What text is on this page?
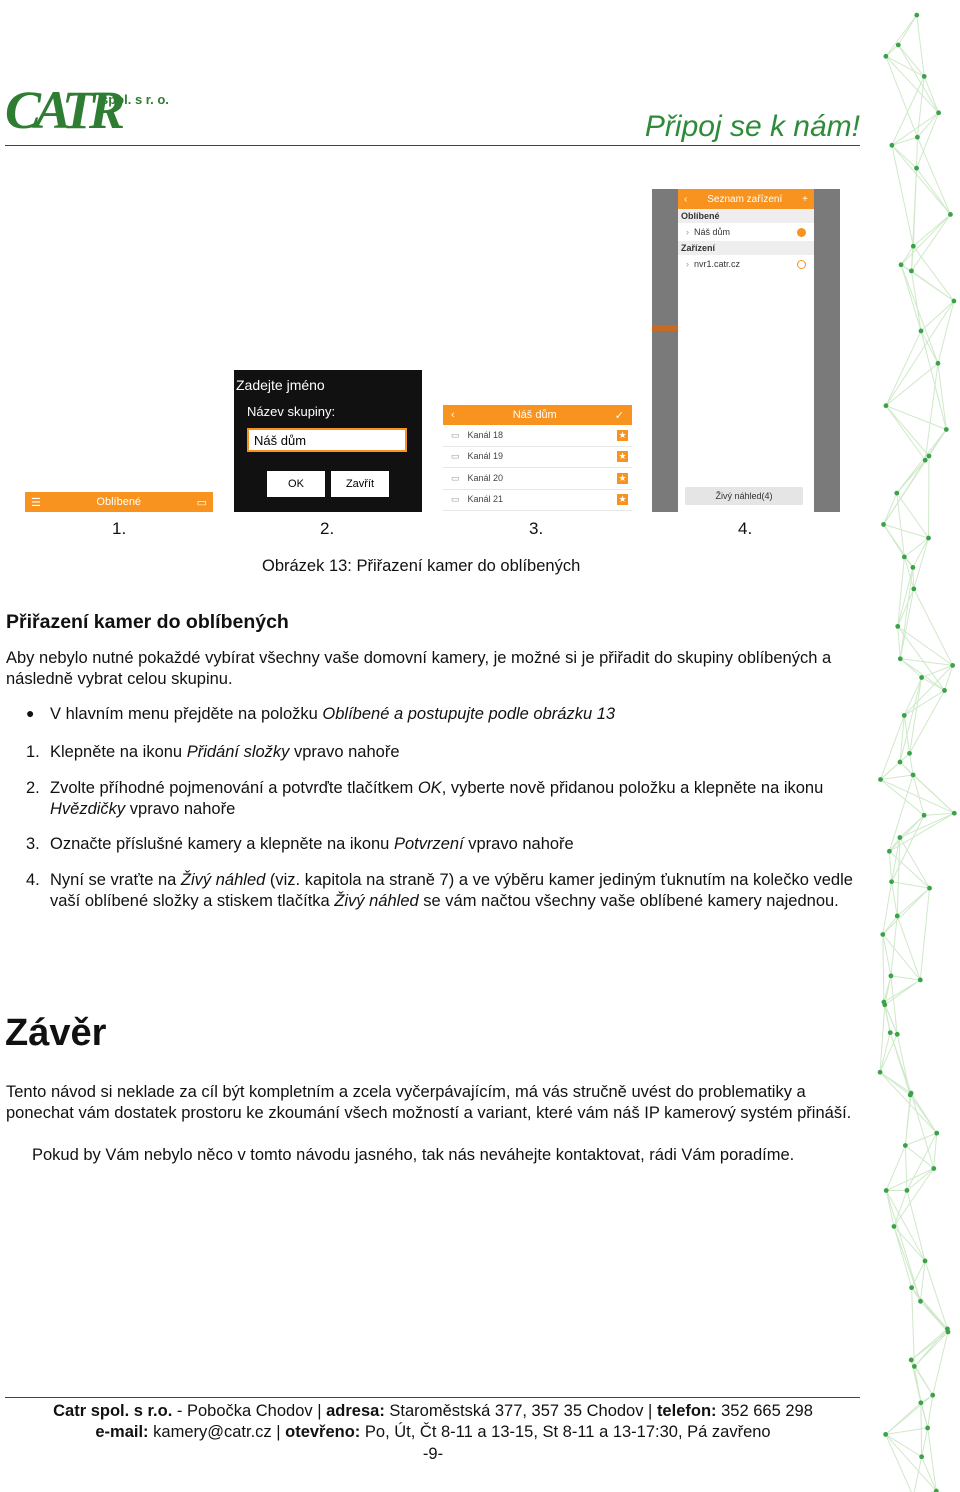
CATR
spol. s r. o.
Připoj se k nám!
☰	Oblíbené	▭
Zadejte jméno
Název skupiny:
Náš dům
OK	Zavřít
‹	Náš dům	✓
▭ Kanál 18	★
▭ Kanál 19	★
▭ Kanál 20	★
▭ Kanál 21	★
‹ Seznam zařízení +
Oblíbené
› Náš dům
Zařízení
› nvr1.catr.cz
Živý náhled(4)
1.	2.	3.	4.
Obrázek 13: Přiřazení kamer do oblíbených
Přiřazení kamer do oblíbených
Aby nebylo nutné pokaždé vybírat všechny vaše domovní kamery, je možné si je přiřadit do skupiny oblíbených a následně vybrat celou skupinu.
● V hlavním menu přejděte na položku Oblíbené a postupujte podle obrázku 13
1. Klepněte na ikonu Přidání složky vpravo nahoře
2. Zvolte příhodné pojmenování a potvrďte tlačítkem OK, vyberte nově přidanou položku a klepněte na ikonu Hvězdičky vpravo nahoře
3. Označte příslušné kamery a klepněte na ikonu Potvrzení vpravo nahoře
4. Nyní se vraťte na Živý náhled (viz. kapitola na straně 7) a ve výběru kamer jediným ťuknutím na kolečko vedle vaší oblíbené složky a stiskem tlačítka Živý náhled se vám načtou všechny vaše oblíbené kamery najednou.
Závěr
Tento návod si neklade za cíl být kompletním a zcela vyčerpávajícím, má vás stručně uvést do problematiky a ponechat vám dostatek prostoru ke zkoumání všech možností a variant, které vám náš IP kamerový systém přináší.
Pokud by Vám nebylo něco v tomto návodu jasného, tak nás neváhejte kontaktovat, rádi Vám poradíme.
Catr spol. s r.o. - Pobočka Chodov | adresa: Staroměstská 377, 357 35 Chodov | telefon: 352 665 298
e-mail: kamery@catr.cz | otevřeno: Po, Út, Čt 8-11 a 13-15, St 8-11 a 13-17:30, Pá zavřeno
-9-
